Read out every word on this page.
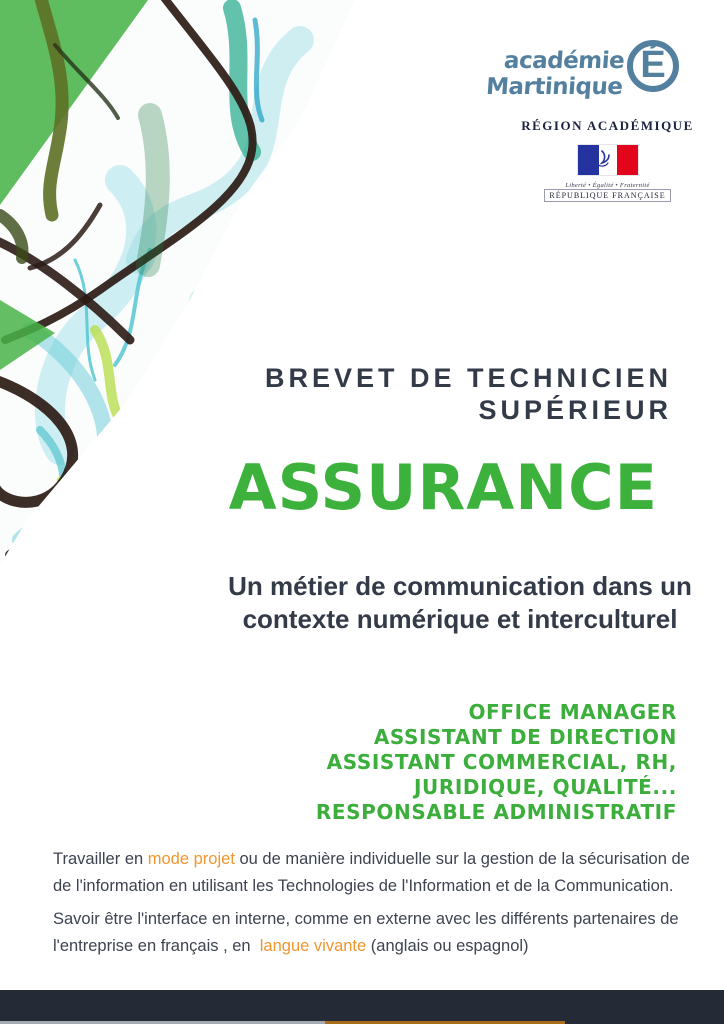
académie
Martinique
É
RÉGION ACADÉMIQUE
Liberté • Égalité • Fraternité
RÉPUBLIQUE FRANÇAISE
BREVET DE TECHNICIEN
SUPÉRIEUR
ASSURANCE
Un métier de communication dans un contexte numérique et interculturel
OFFICE MANAGER
ASSISTANT DE DIRECTION
ASSISTANT COMMERCIAL, RH,
JURIDIQUE, QUALITÉ...
RESPONSABLE ADMINISTRATIF
Travailler en mode projet ou de manière individuelle sur la gestion de la sécurisation de de l'information en utilisant les Technologies de l'Information et de la Communication.
Savoir être l'interface en interne, comme en externe avec les différents partenaires de l'entreprise en français , en  langue vivante (anglais ou espagnol)
